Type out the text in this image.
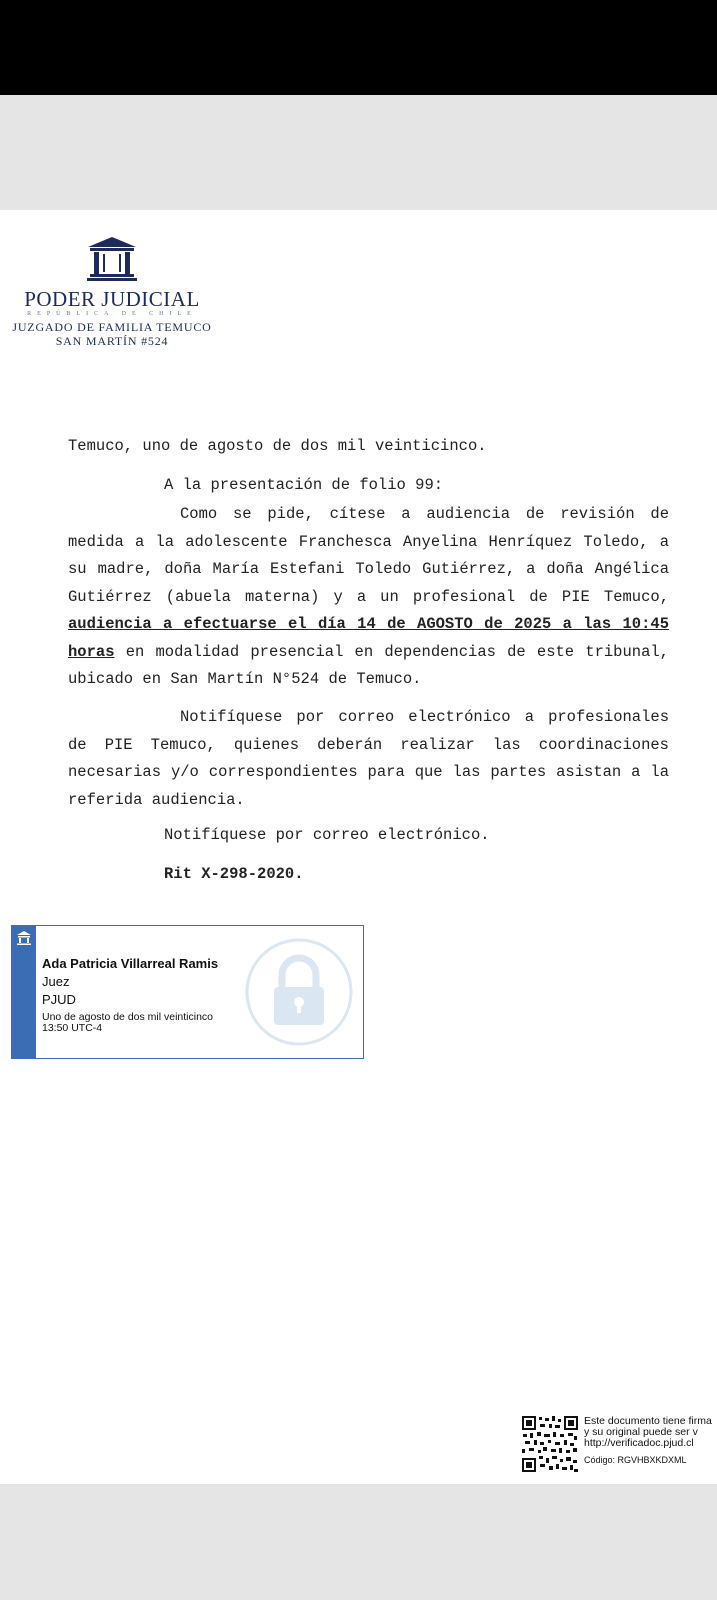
PODER JUDICIAL
REPÚBLICA DE CHILE
JUZGADO DE FAMILIA TEMUCO
SAN MARTÍN #524
Temuco, uno de agosto de dos mil veinticinco.

A la presentación de folio 99:

Como se pide, cítese a audiencia de revisión de medida a la adolescente Franchesca Anyelina Henríquez Toledo, a su madre, doña María Estefani Toledo Gutiérrez, a doña Angélica Gutiérrez (abuela materna) y a un profesional de PIE Temuco, audiencia a efectuarse el día 14 de AGOSTO de 2025 a las 10:45 horas en modalidad presencial en dependencias de este tribunal, ubicado en San Martín N°524 de Temuco.

Notifíquese por correo electrónico a profesionales de PIE Temuco, quienes deberán realizar las coordinaciones necesarias y/o correspondientes para que las partes asistan a la referida audiencia.

Notifíquese por correo electrónico.

Rit X-298-2020.

Ada Patricia Villarreal Ramis
Juez
PJUD
Uno de agosto de dos mil veinticinco
13:50 UTC-4
Este documento tiene firma
y su original puede ser v
http://verificadoc.pjud.cl
Código: RGVHBXKDXML
